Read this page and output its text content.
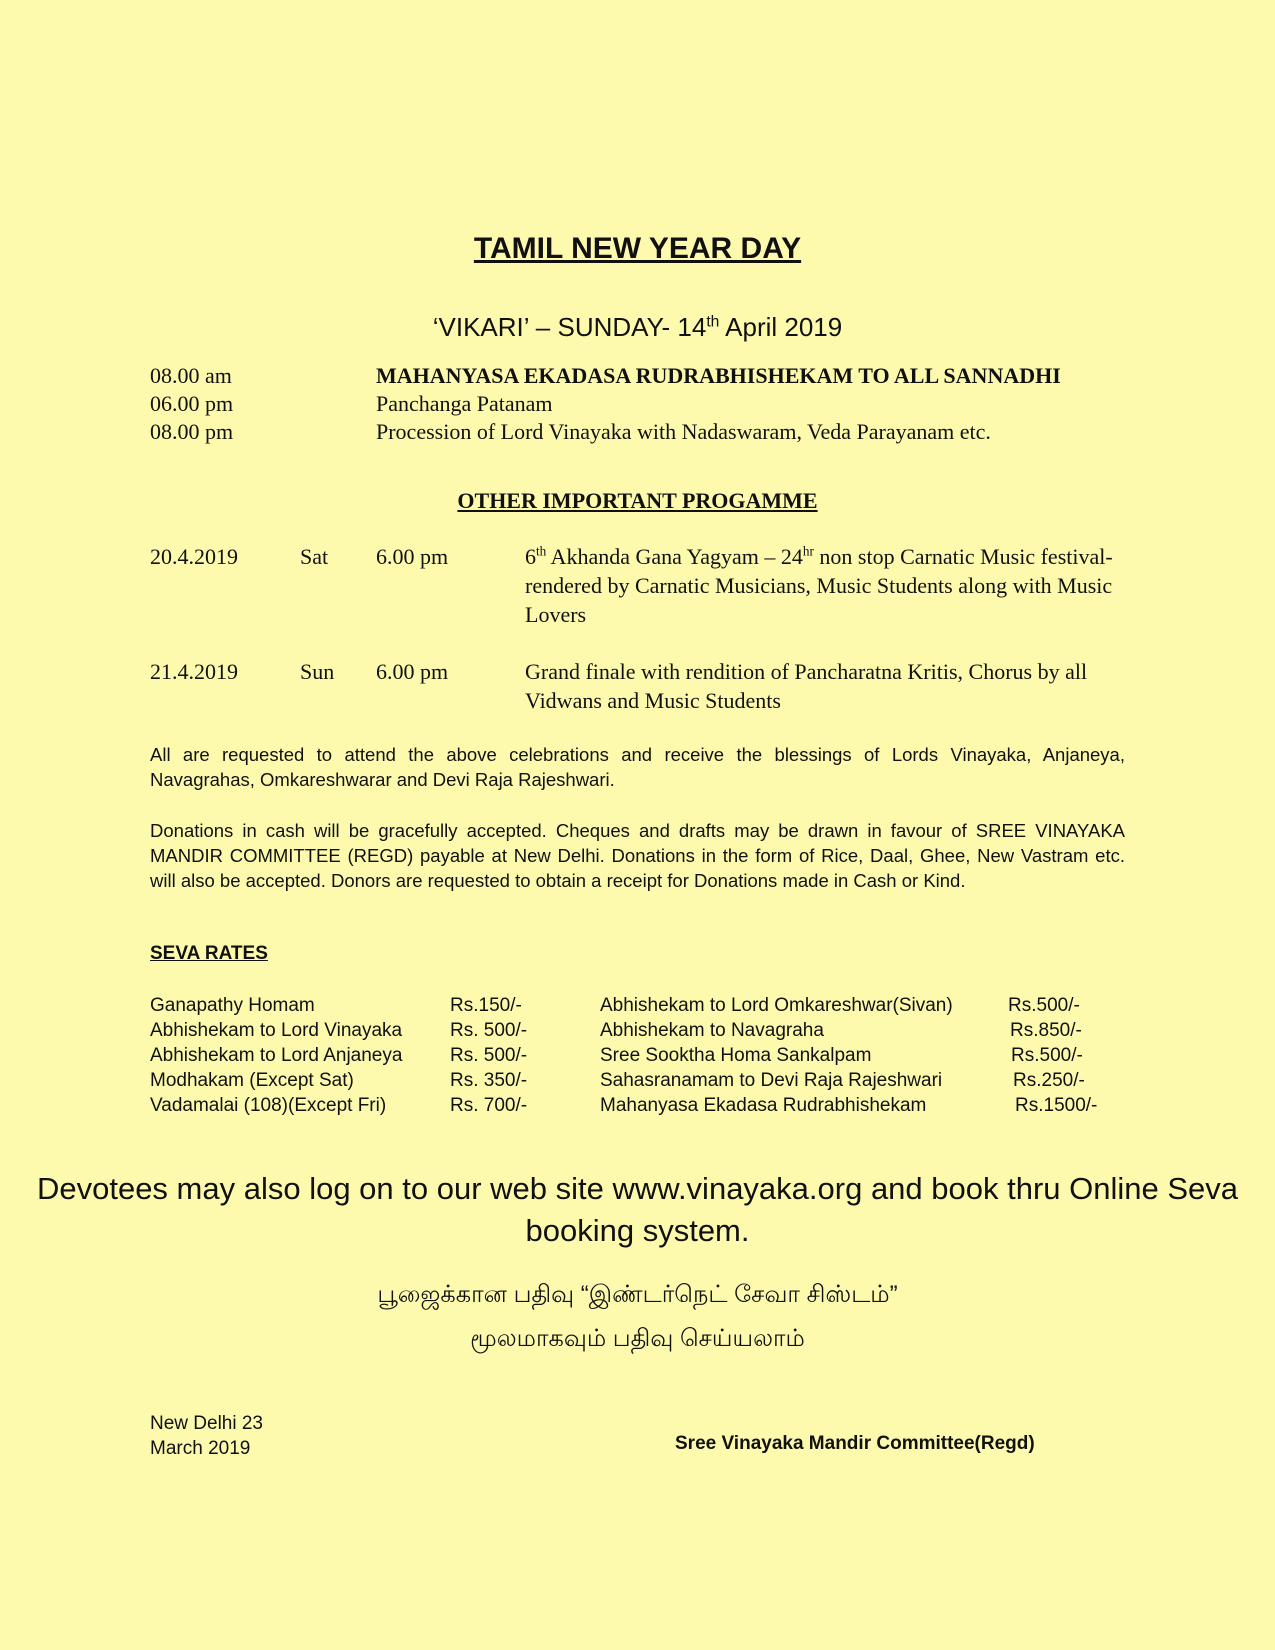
TAMIL NEW YEAR DAY
‘VIKARI’ – SUNDAY- 14th April 2019
08.00 am	MAHANYASA EKADASA RUDRABHISHEKAM TO ALL SANNADHI
06.00 pm	Panchanga Patanam
08.00 pm	Procession of Lord Vinayaka with Nadaswaram, Veda Parayanam etc.
OTHER IMPORTANT PROGAMME
20.4.2019	Sat 6.00 pm	6th Akhanda Gana Yagyam – $24^{hr}$ non stop Carnatic Music festival- rendered by Carnatic Musicians, Music Students along with Music Lovers
21.4.2019	Sun 6.00 pm	Grand finale with rendition of Pancharatna Kritis, Chorus by all Vidwans and Music Students
All are requested to attend the above celebrations and receive the blessings of Lords Vinayaka, Anjaneya, Navagrahas, Omkareshwarar and Devi Raja Rajeshwari.
Donations in cash will be gracefully accepted. Cheques and drafts may be drawn in favour of SREE VINAYAKA MANDIR COMMITTEE (REGD) payable at New Delhi. Donations in the form of Rice, Daal, Ghee, New Vastram etc. will also be accepted. Donors are requested to obtain a receipt for Donations made in Cash or Kind.
SEVA RATES
Ganapathy Homam	Rs.150/-
Abhishekam to Lord Vinayaka	Rs. 500/-
Abhishekam to Lord Anjaneya	Rs. 500/-
Modhakam (Except Sat)	Rs. 350/-
Vadamalai (108)(Except Fri)	Rs. 700/-
Abhishekam to Lord Omkareshwar(Sivan)	Rs.500/-
Abhishekam to Navagraha	Rs.850/-
Sree Sooktha Homa Sankalpam	Rs.500/-
Sahasranamam to Devi Raja Rajeshwari	Rs.250/-
Mahanyasa Ekadasa Rudrabhishekam	Rs.1500/-
Devotees may also log on to our web site www.vinayaka.org and book thru Online Seva booking system.
பூஜைக்கான பதிவு “இண்டர்நெட் சேவா சிஸ்டம்”
மூலமாகவும் பதிவு செய்யலாம்
New Delhi 23
March 2019	Sree Vinayaka Mandir Committee(Regd)
